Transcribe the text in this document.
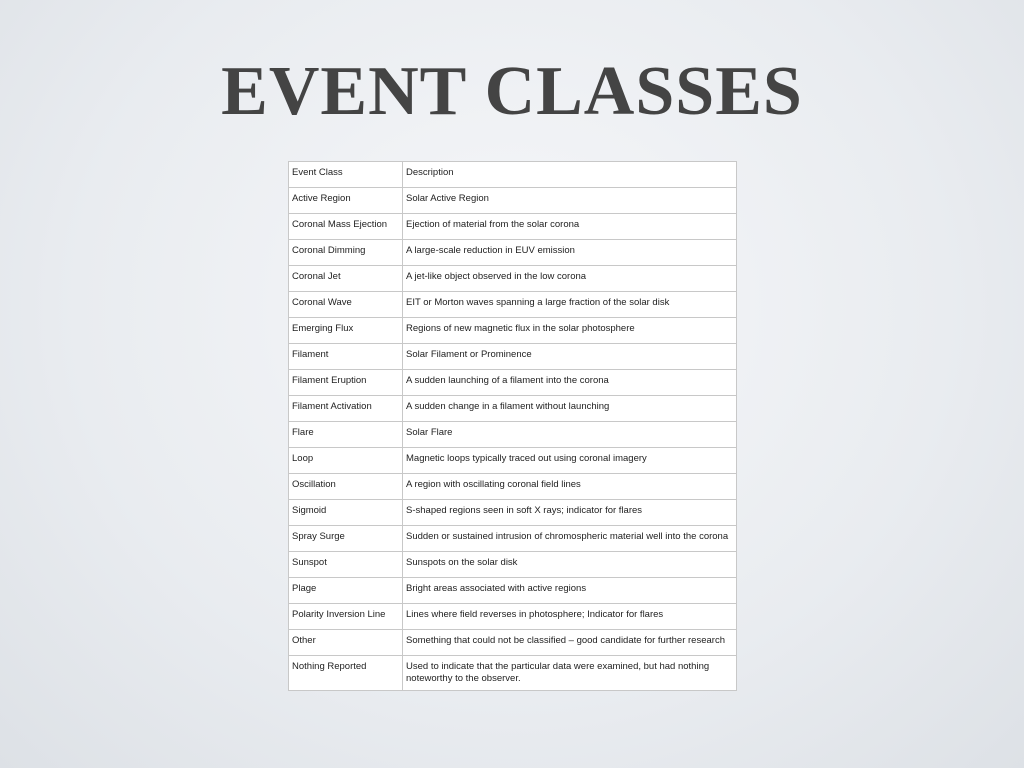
EVENT CLASSES
Event Class	Description
Active Region	Solar Active Region
Coronal Mass Ejection	Ejection of material from the solar corona
Coronal Dimming	A large-scale reduction in EUV emission
Coronal Jet	A jet-like object observed in the low corona
Coronal Wave	EIT or Morton waves spanning a large fraction of the solar disk
Emerging Flux	Regions of new magnetic flux in the solar photosphere
Filament	Solar Filament or Prominence
Filament Eruption	A sudden launching of a filament into the corona
Filament Activation	A sudden change in a filament without launching
Flare	Solar Flare
Loop	Magnetic loops typically traced out using coronal imagery
Oscillation	A region with oscillating coronal field lines
Sigmoid	S-shaped regions seen in soft X rays; indicator for flares
Spray Surge	Sudden or sustained intrusion of chromospheric material well into the corona
Sunspot	Sunspots on the solar disk
Plage	Bright areas associated with active regions
Polarity Inversion Line	Lines where field reverses in photosphere; Indicator for flares
Other	Something that could not be classified – good candidate for further research
Nothing Reported	Used to indicate that the particular data were examined, but had nothing noteworthy to the observer.
